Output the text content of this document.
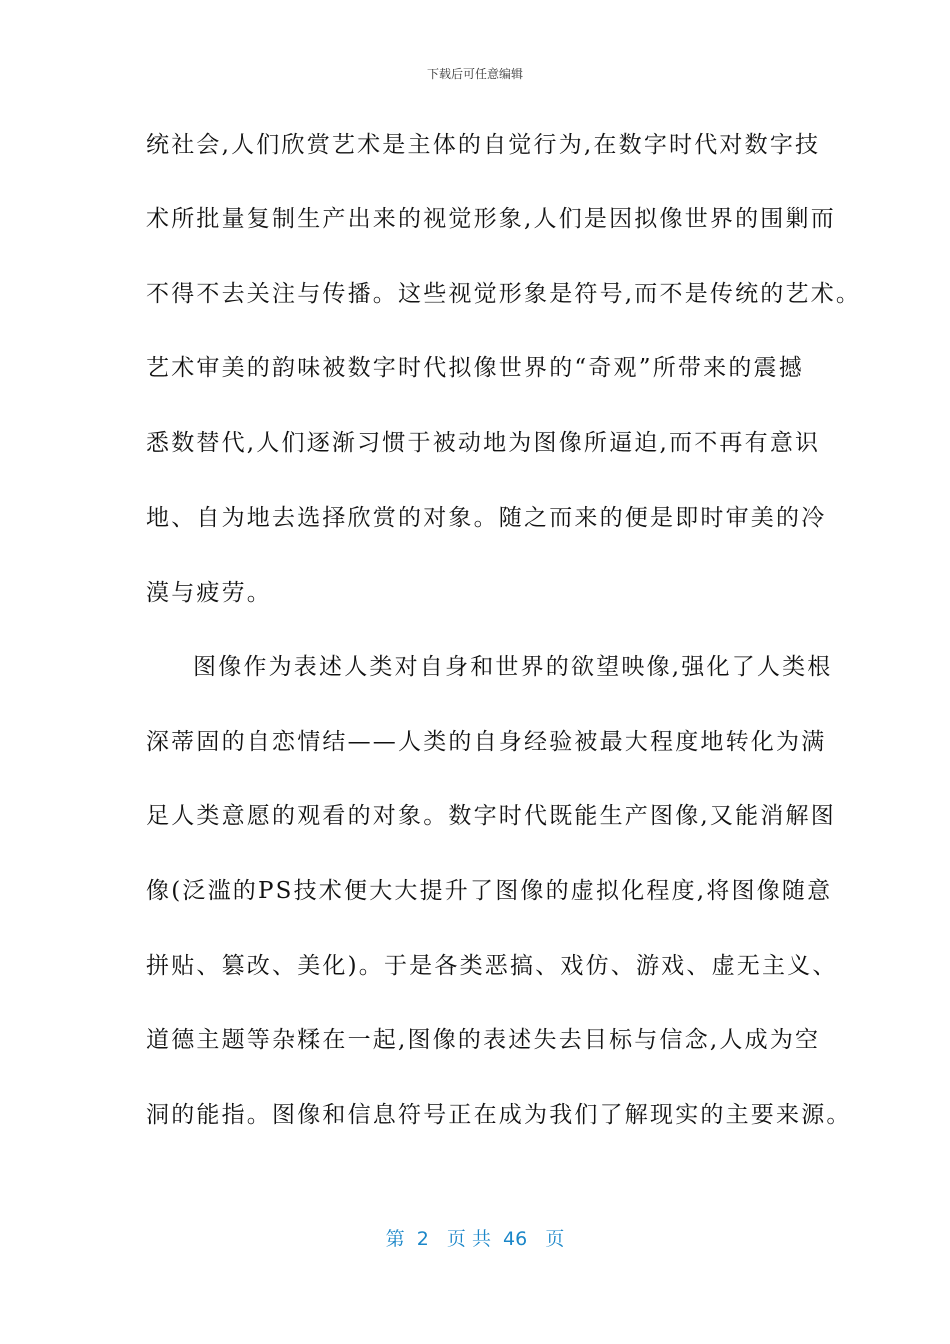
下载后可任意编辑
统社会,人们欣赏艺术是主体的自觉行为,在数字时代对数字技
术所批量复制生产出来的视觉形象,人们是因拟像世界的围剿而
不得不去关注与传播。这些视觉形象是符号,而不是传统的艺术。
艺术审美的韵味被数字时代拟像世界的“奇观”所带来的震撼
悉数替代,人们逐渐习惯于被动地为图像所逼迫,而不再有意识
地、自为地去选择欣赏的对象。随之而来的便是即时审美的冷
漠与疲劳。
图像作为表述人类对自身和世界的欲望映像,强化了人类根
深蒂固的自恋情结——人类的自身经验被最大程度地转化为满
足人类意愿的观看的对象。数字时代既能生产图像,又能消解图
像(泛滥的PS技术便大大提升了图像的虚拟化程度,将图像随意
拼贴、篡改、美化)。于是各类恶搞、戏仿、游戏、虚无主义、
道德主题等杂糅在一起,图像的表述失去目标与信念,人成为空
洞的能指。图像和信息符号正在成为我们了解现实的主要来源。
第  2   页 共  46   页
